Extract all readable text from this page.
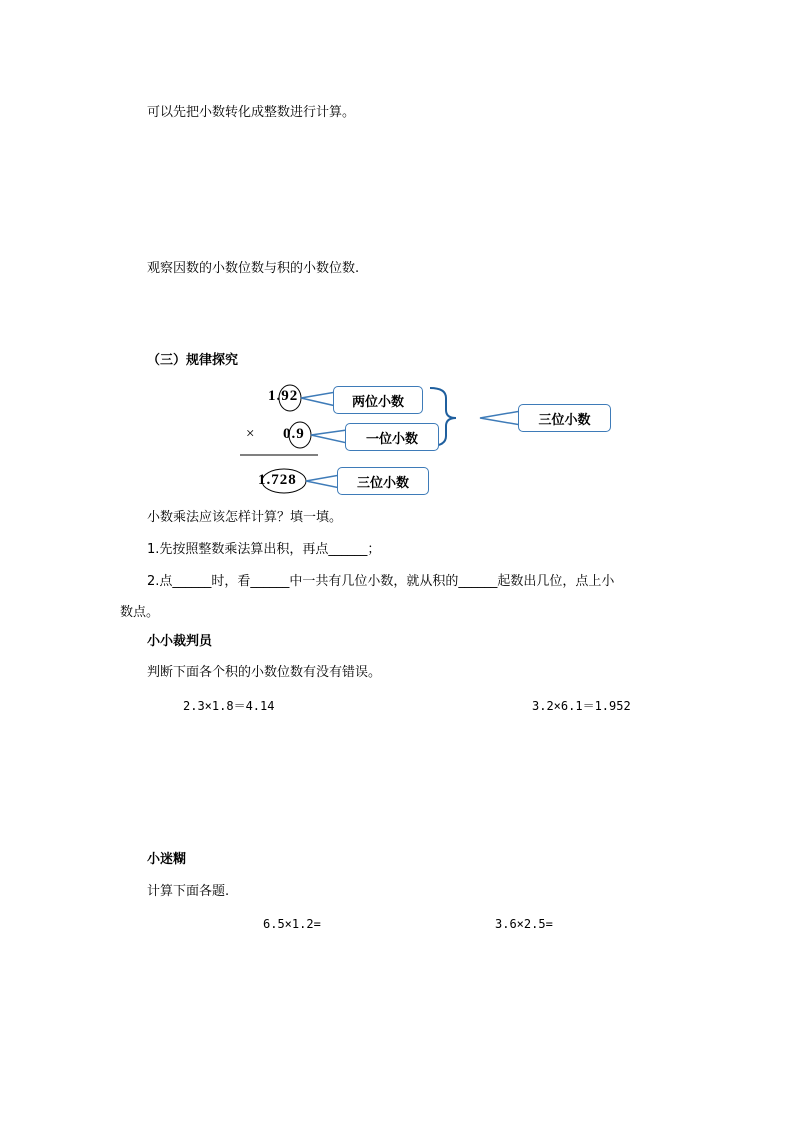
可以先把小数转化成整数进行计算。
观察因数的小数位数与积的小数位数.
（三）规律探究
1.92
× 0.9
1.728
两位小数
一位小数
三位小数
三位小数
小数乘法应该怎样计算？填一填。
1.先按照整数乘法算出积，再点______；
2.点______时，看______中一共有几位小数，就从积的______起数出几位，点上小
数点。
小小裁判员
判断下面各个积的小数位数有没有错误。
2.3×1.8＝4.14	3.2×6.1＝1.952
小迷糊
计算下面各题.
6.5×1.2=	3.6×2.5=
